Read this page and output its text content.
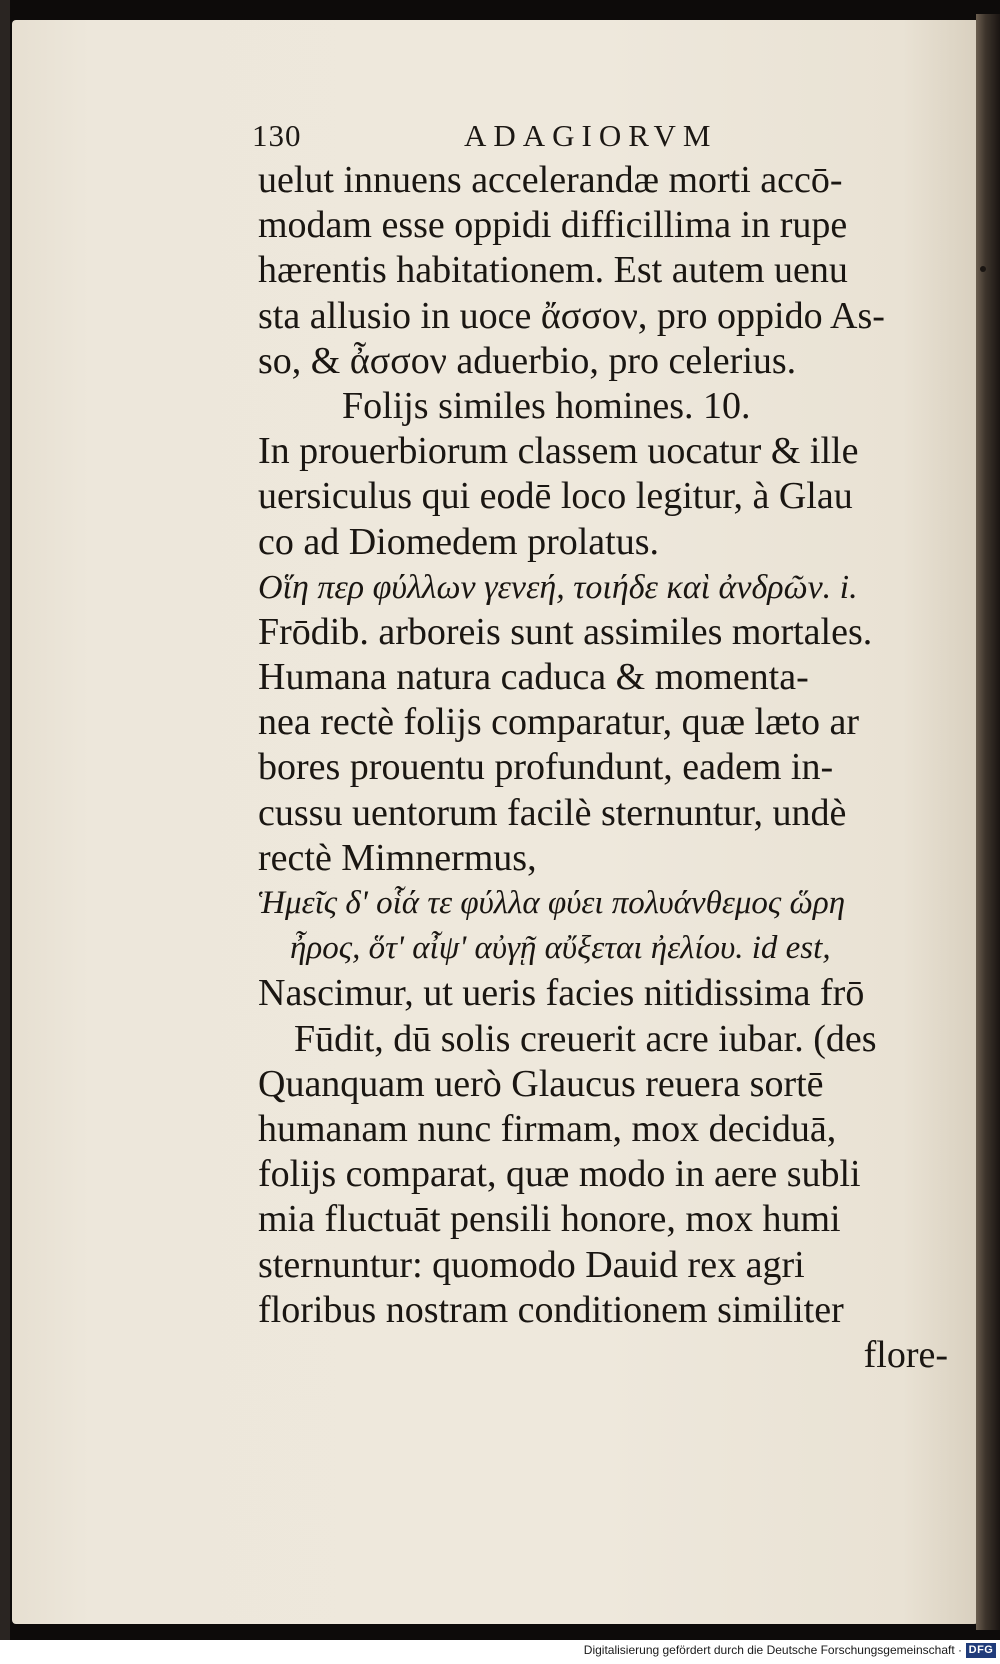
130	ADAGIORVM
uelut innuens accelerandæ morti accō-
modam esse oppidi difficillima in rupe
hærentis habitationem. Est autem uenu
sta allusio in uoce ἄσσον, pro oppido As-
so, & ἆσσον aduerbio, pro celerius.
Folijs similes homines. 10.
In prouerbiorum classem uocatur & ille
uersiculus qui eodē loco legitur, à Glau
co ad Diomedem prolatus.
Οἵη περ φύλλων γενεή, τοιήδε καὶ ἀνδρῶν. i.
Frōdib. arboreis sunt assimiles mortales.
Humana natura caduca & momenta-
nea rectè folijs comparatur, quæ læto ar
bores prouentu profundunt, eadem in-
cussu uentorum facilè sternuntur, undè
rectè Mimnermus,
Ἡμεῖς δ' οἷά τε φύλλα φύει πολυάνθεμος ὥρη
ἦρος, ὅτ' αἶψ' αὐγῇ αὔξεται ἠελίου. id est,
Nascimur, ut ueris facies nitidissima frō
Fūdit, dū solis creuerit acre iubar. (des
Quanquam uerò Glaucus reuera sortē
humanam nunc firmam, mox deciduā,
folijs comparat, quæ modo in aere subli
mia fluctuāt pensili honore, mox humi
sternuntur: quomodo Dauid rex agri
floribus nostram conditionem similiter
flore-
Digitalisierung gefördert durch die Deutsche Forschungsgemeinschaft · DFG
